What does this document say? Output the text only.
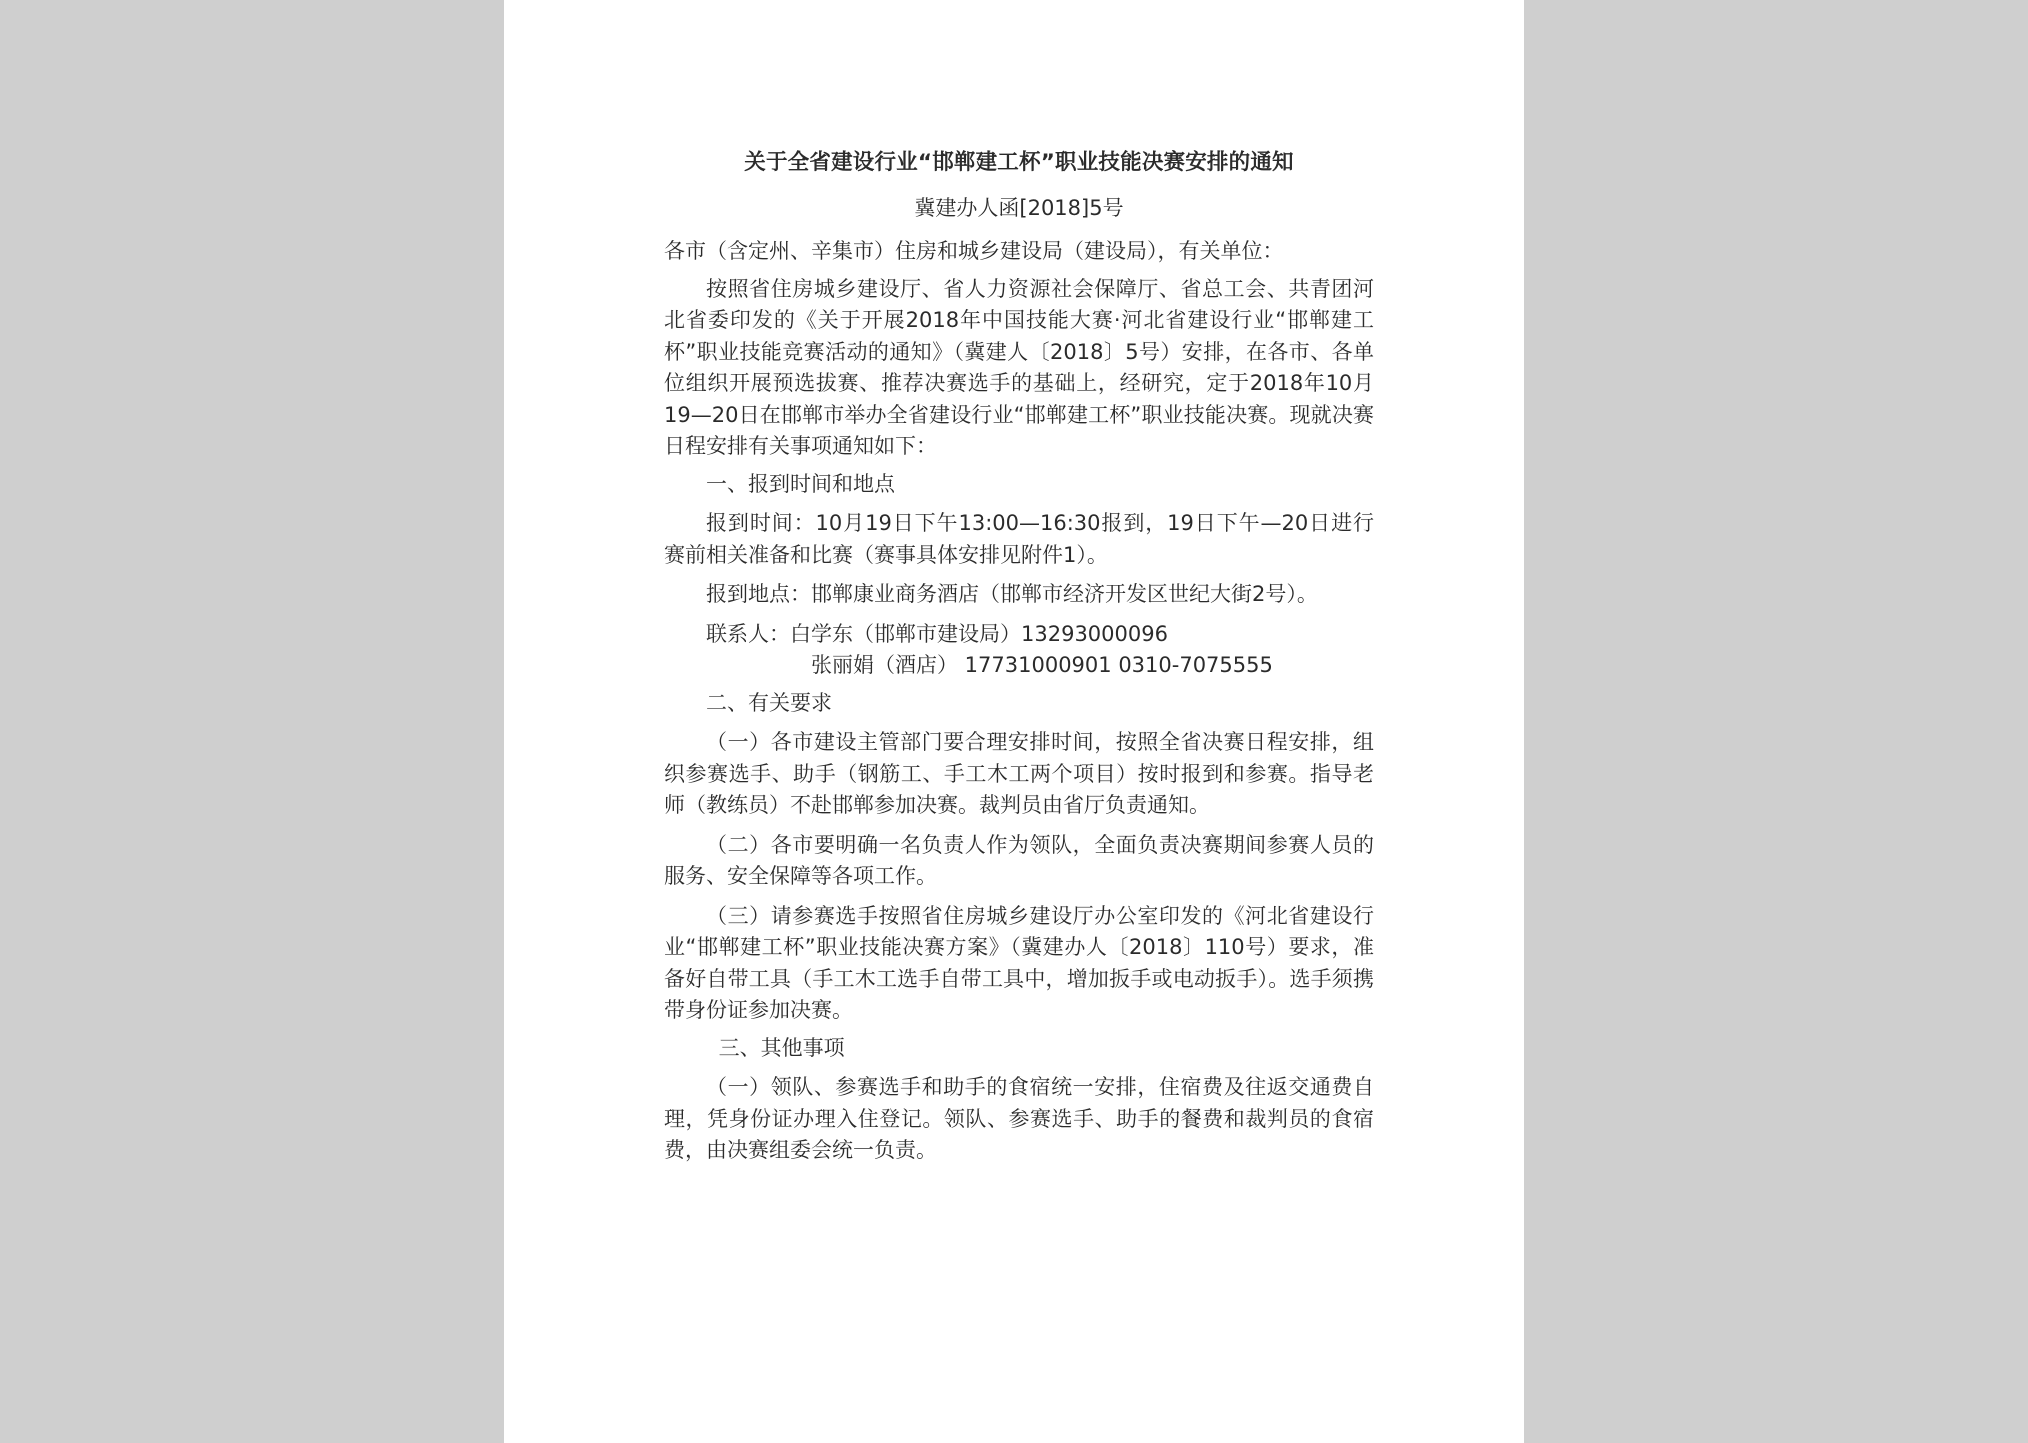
关于全省建设行业“邯郸建工杯”职业技能决赛安排的通知

冀建办人函[2018]5号

各市（含定州、辛集市）住房和城乡建设局（建设局），有关单位：

按照省住房城乡建设厅、省人力资源社会保障厅、省总工会、共青团河北省委印发的《关于开展2018年中国技能大赛·河北省建设行业“邯郸建工杯”职业技能竞赛活动的通知》（冀建人〔2018〕5号）安排，在各市、各单位组织开展预选拔赛、推荐决赛选手的基础上，经研究，定于2018年10月19—20日在邯郸市举办全省建设行业“邯郸建工杯”职业技能决赛。现就决赛日程安排有关事项通知如下：

一、报到时间和地点

报到时间：10月19日下午13:00—16:30报到，19日下午—20日进行赛前相关准备和比赛（赛事具体安排见附件1）。

报到地点：邯郸康业商务酒店（邯郸市经济开发区世纪大街2号）。

联系人：白学东（邯郸市建设局）13293000096
张丽娟（酒店） 17731000901 0310-7075555

二、有关要求

（一）各市建设主管部门要合理安排时间，按照全省决赛日程安排，组织参赛选手、助手（钢筋工、手工木工两个项目）按时报到和参赛。指导老师（教练员）不赴邯郸参加决赛。裁判员由省厅负责通知。

（二）各市要明确一名负责人作为领队，全面负责决赛期间参赛人员的服务、安全保障等各项工作。

（三）请参赛选手按照省住房城乡建设厅办公室印发的《河北省建设行业“邯郸建工杯”职业技能决赛方案》（冀建办人〔2018〕110号）要求，准备好自带工具（手工木工选手自带工具中，增加扳手或电动扳手）。选手须携带身份证参加决赛。

三、其他事项

（一）领队、参赛选手和助手的食宿统一安排，住宿费及往返交通费自理，凭身份证办理入住登记。领队、参赛选手、助手的餐费和裁判员的食宿费，由决赛组委会统一负责。
